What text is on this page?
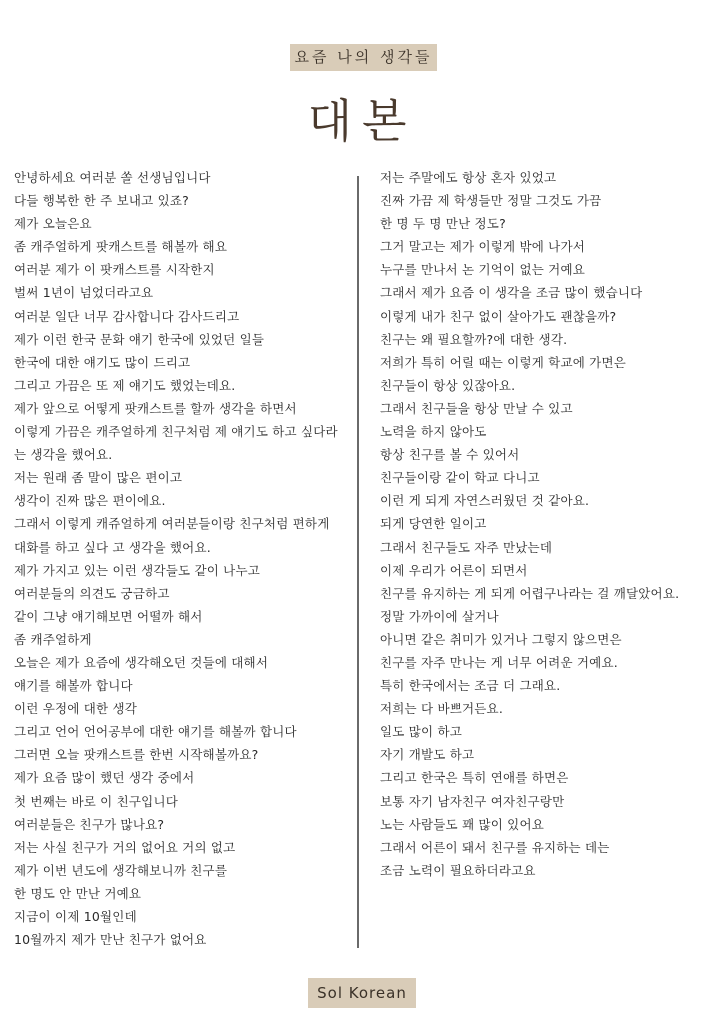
요즘 나의 생각들
대본
안녕하세요 여러분 쏠 선생님입니다
다들 행복한 한 주 보내고 있죠?
제가 오늘은요
좀 캐주얼하게 팟캐스트를 해볼까 해요
여러분 제가 이 팟캐스트를 시작한지
벌써 1년이 넘었더라고요
여러분 일단 너무 감사합니다 감사드리고
제가 이런 한국 문화 얘기 한국에 있었던 일들
한국에 대한 얘기도 많이 드리고
그리고 가끔은 또 제 얘기도 했었는데요.
제가 앞으로 어떻게 팟캐스트를 할까 생각을 하면서
이렇게 가끔은 캐주얼하게 친구처럼 제 얘기도 하고 싶다라
는 생각을 했어요.
저는 원래 좀 말이 많은 편이고
생각이 진짜 많은 편이에요.
그래서 이렇게 캐쥬얼하게 여러분들이랑 친구처럼 편하게
대화를 하고 싶다 고 생각을 했어요.
제가 가지고 있는 이런 생각들도 같이 나누고
여러분들의 의견도 궁금하고
같이 그냥 얘기해보면 어떨까 해서
좀 캐주얼하게
오늘은 제가 요즘에 생각해오던 것들에 대해서
얘기를 해볼까 합니다
이런 우정에 대한 생각
그리고 언어 언어공부에 대한 얘기를 해볼까 합니다
그러면 오늘 팟캐스트를 한번 시작해볼까요?
제가 요즘 많이 했던 생각 중에서
첫 번째는 바로 이 친구입니다
여러분들은 친구가 많나요?
저는 사실 친구가 거의 없어요 거의 없고
제가 이번 년도에 생각해보니까 친구를
한 명도 안 만난 거예요
지금이 이제 10월인데
10월까지 제가 만난 친구가 없어요
저는 주말에도 항상 혼자 있었고
진짜 가끔 제 학생들만 정말 그것도 가끔
한 명 두 명 만난 정도?
그거 말고는 제가 이렇게 밖에 나가서
누구를 만나서 논 기억이 없는 거예요
그래서 제가 요즘 이 생각을 조금 많이 했습니다
이렇게 내가 친구 없이 살아가도 괜찮을까?
친구는 왜 필요할까?에 대한 생각.
저희가 특히 어릴 때는 이렇게 학교에 가면은
친구들이 항상 있잖아요.
그래서 친구들을 항상 만날 수 있고
노력을 하지 않아도
항상 친구를 볼 수 있어서
친구들이랑 같이 학교 다니고
이런 게 되게 자연스러웠던 것 같아요.
되게 당연한 일이고
그래서 친구들도 자주 만났는데
이제 우리가 어른이 되면서
친구를 유지하는 게 되게 어렵구나라는 걸 깨달았어요.
정말 가까이에 살거나
아니면 같은 취미가 있거나 그렇지 않으면은
친구를 자주 만나는 게 너무 어려운 거예요.
특히 한국에서는 조금 더 그래요.
저희는 다 바쁘거든요.
일도 많이 하고
자기 개발도 하고
그리고 한국은 특히 연애를 하면은
보통 자기 남자친구 여자친구랑만
노는 사람들도 꽤 많이 있어요
그래서 어른이 돼서 친구를 유지하는 데는
조금 노력이 필요하더라고요
Sol Korean
